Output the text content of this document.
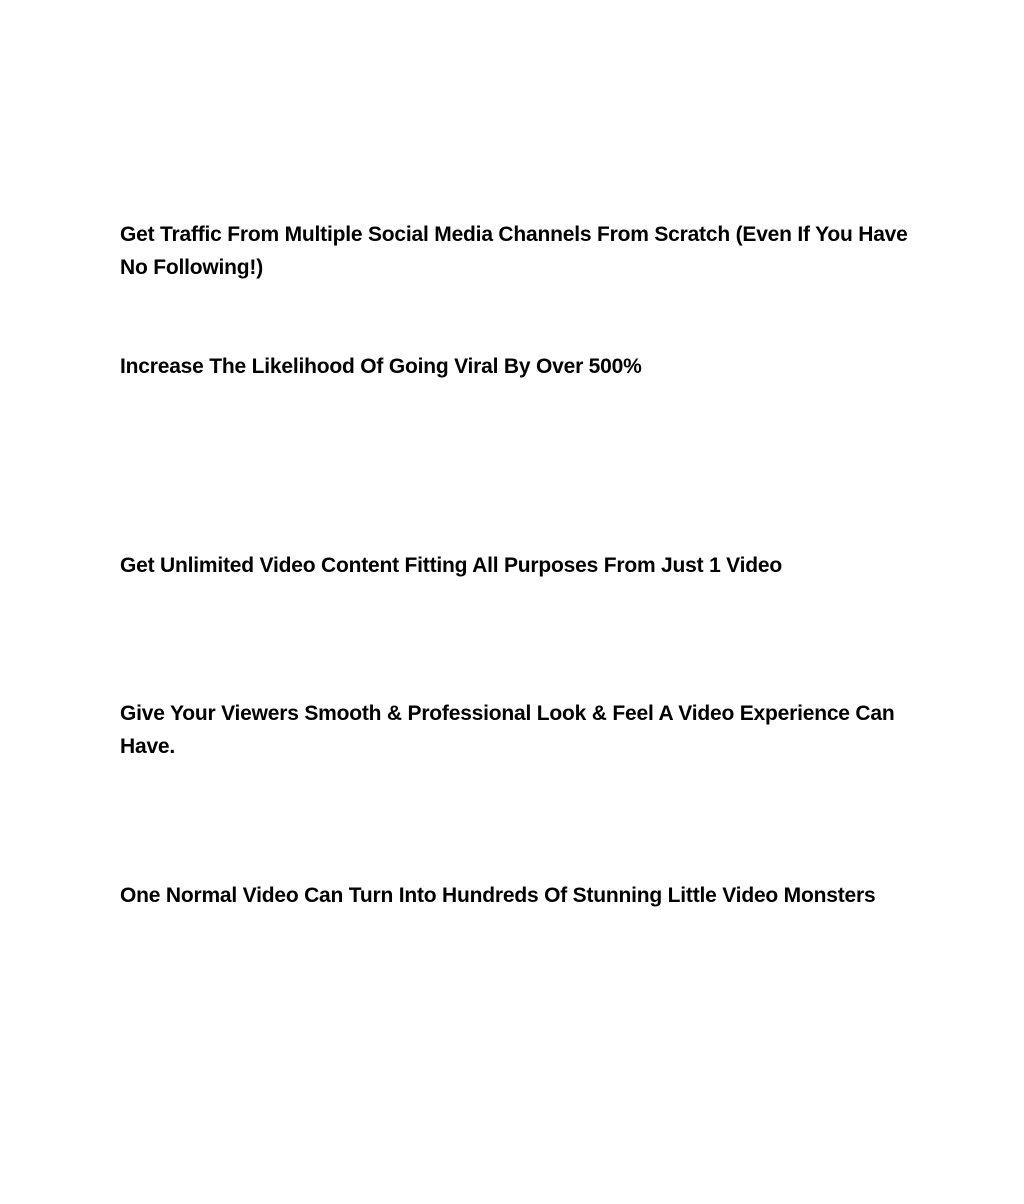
Get Traffic From Multiple Social Media Channels From Scratch (Even If You Have No Following!)

Increase The Likelihood Of Going Viral By Over 500%

Get Unlimited Video Content Fitting All Purposes From Just 1 Video

Give Your Viewers Smooth & Professional Look & Feel A Video Experience Can Have.

One Normal Video Can Turn Into Hundreds Of Stunning Little Video Monsters
